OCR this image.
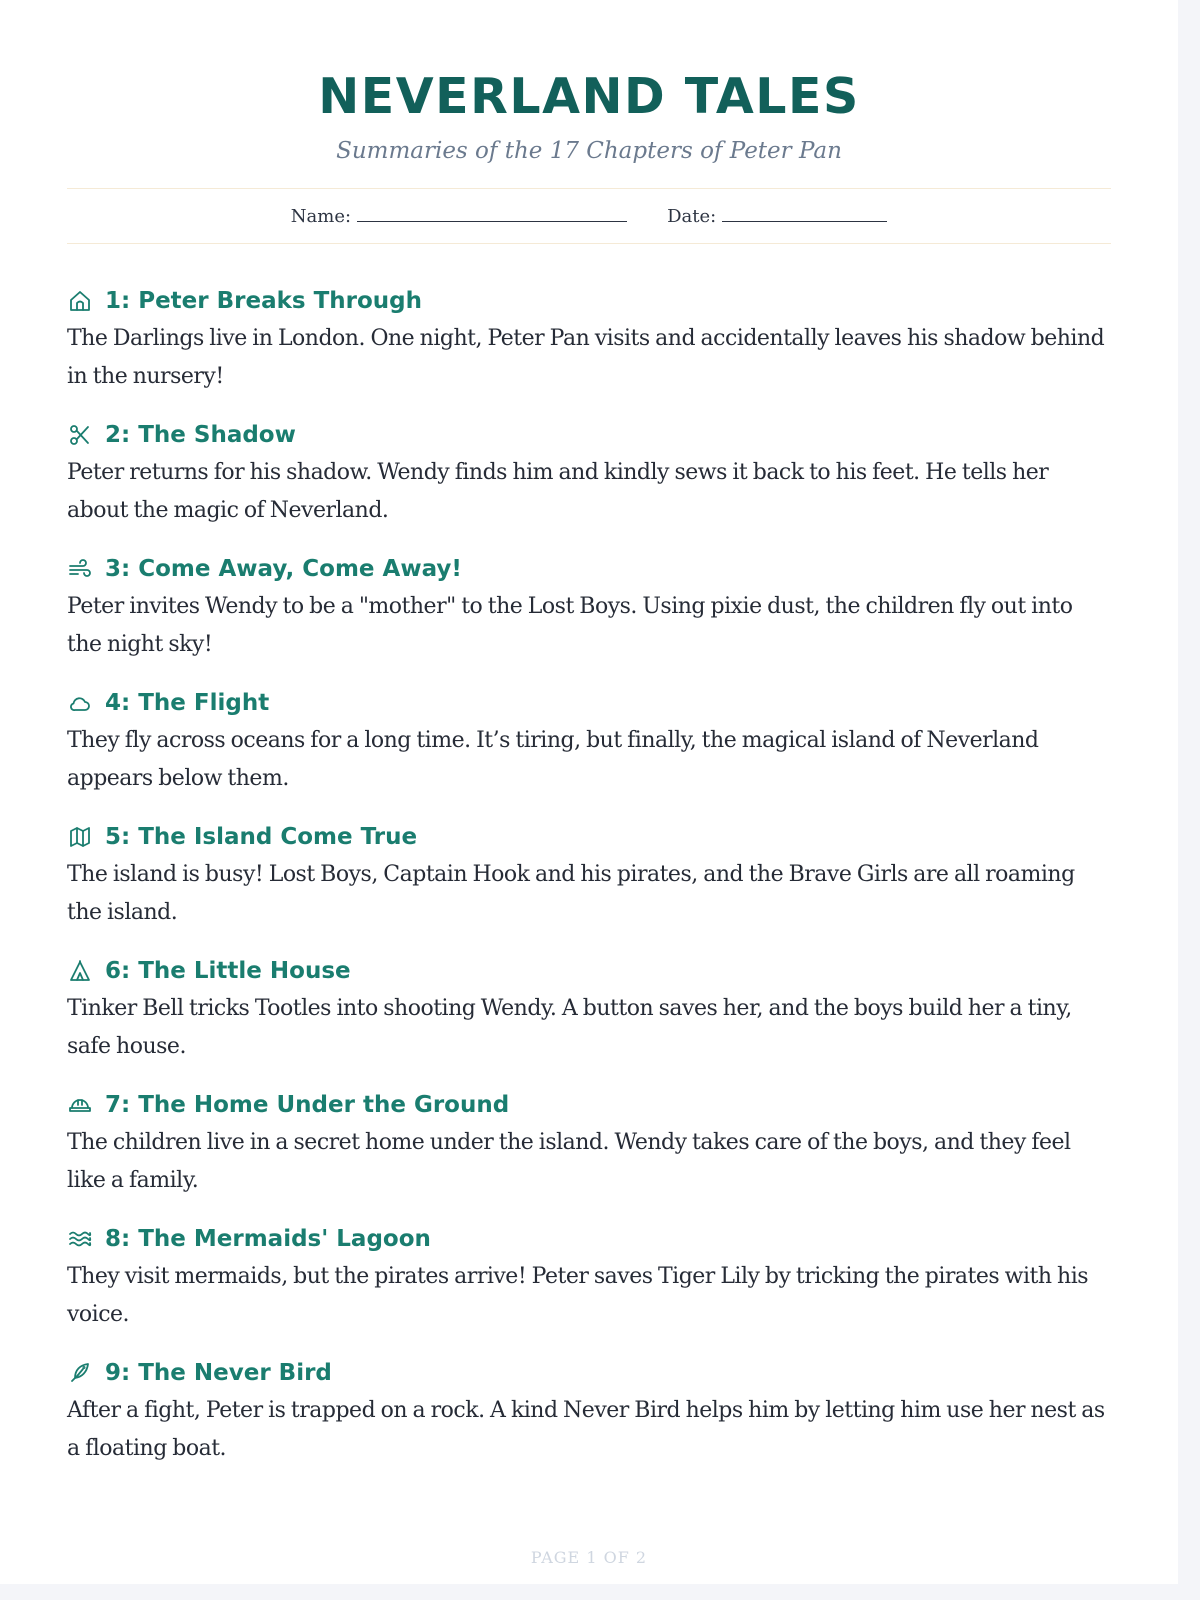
NEVERLAND TALES

Summaries of the 17 Chapters of Peter Pan

Name:	Date:
1: Peter Breaks Through

The Darlings live in London. One night, Peter Pan visits and accidentally leaves his shadow behind in the nursery!

2: The Shadow

Peter returns for his shadow. Wendy finds him and kindly sews it back to his feet. He tells her about the magic of Neverland.

3: Come Away, Come Away!

Peter invites Wendy to be a "mother" to the Lost Boys. Using pixie dust, the children fly out into the night sky!

4: The Flight

They fly across oceans for a long time. It’s tiring, but finally, the magical island of Neverland appears below them.

5: The Island Come True

The island is busy! Lost Boys, Captain Hook and his pirates, and the Brave Girls are all roaming the island.

6: The Little House

Tinker Bell tricks Tootles into shooting Wendy. A button saves her, and the boys build her a tiny, safe house.

7: The Home Under the Ground

The children live in a secret home under the island. Wendy takes care of the boys, and they feel like a family.

8: The Mermaids' Lagoon

They visit mermaids, but the pirates arrive! Peter saves Tiger Lily by tricking the pirates with his voice.

9: The Never Bird

After a fight, Peter is trapped on a rock. A kind Never Bird helps him by letting him use her nest as a floating boat.

PAGE 1 OF 2
